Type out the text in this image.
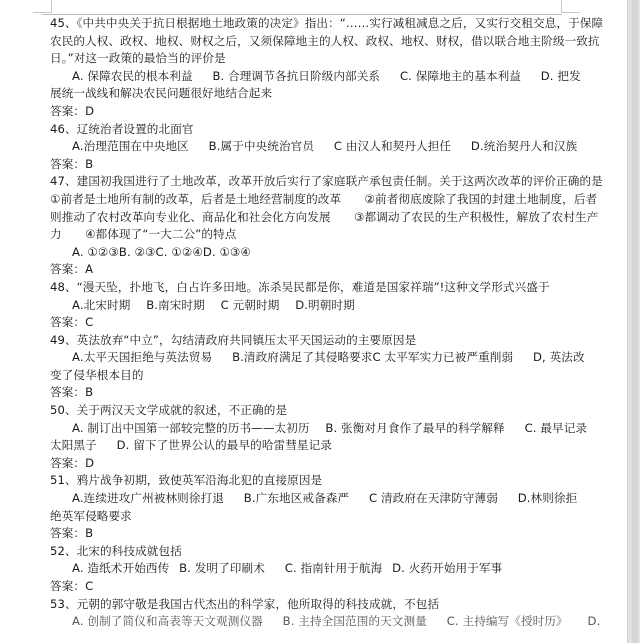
45、《中共中央关于抗日根据地土地政策的决定》指出：“……实行减租减息之后，又实行交租交息，于保障
农民的人权、政权、地权、财权之后，又须保障地主的人权、政权、地权、财权，借以联合地主阶级一致抗
日。”对这一政策的最恰当的评价是
A. 保障农民的根本利益 B. 合理调节各抗日阶级内部关系 C. 保障地主的基本利益 D. 把发
展统一战线和解决农民问题很好地结合起来
答案：D
46、辽统治者设置的北面官
A.治理范围在中央地区 B.属于中央统治官员 C 由汉人和契丹人担任 D.统治契丹人和汉族
答案：B
47、建国初我国进行了土地改革，改革开放后实行了家庭联产承包责任制。关于这两次改革的评价正确的是
①前者是土地所有制的改革，后者是土地经营制度的改革　　②前者彻底废除了我国的封建土地制度，后者
则推动了农村改革向专业化、商品化和社会化方向发展　　③都调动了农民的生产积极性，解放了农村生产
力　　④都体现了“一大二公”的特点
A. ①②③B. ②③C. ①②④D. ①③④
答案：A
48、“漫天坠，扑地飞，白占许多田地。冻杀吴民都是你，难道是国家祥瑞”!这种文学形式兴盛于
A.北宋时期 B.南宋时期 C 元朝时期 D.明朝时期
答案：C
49、英法放弃“中立”，勾结清政府共同镇压太平天国运动的主要原因是
A.太平天国拒绝与英法贸易 B.清政府满足了其侵略要求C 太平军实力已被严重削弱 D, 英法改
变了侵华根本目的
答案：B
50、关于两汉天文学成就的叙述，不正确的是
A. 制订出中国第一部较完整的历书——太初历 B. 张衡对月食作了最早的科学解释 C. 最早记录
太阳黑子 D. 留下了世界公认的最早的哈雷彗星记录
答案：D
51、鸦片战争初期，致使英军沿海北犯的直接原因是
A.连续进攻广州被林则徐打退 B.广东地区戒备森严 C 清政府在天津防守薄弱 D.林则徐拒
绝英军侵略要求
答案：B
52、北宋的科技成就包括
A. 造纸术开始西传 B. 发明了印刷术 C. 指南针用于航海 D. 火药开始用于军事
答案：C
53、元朝的郭守敬是我国古代杰出的科学家，他所取得的科技成就，不包括
A. 创制了简仪和高表等天文观测仪器 B. 主持全国范围的天文测量 C. 主持编写《授时历》 D.
